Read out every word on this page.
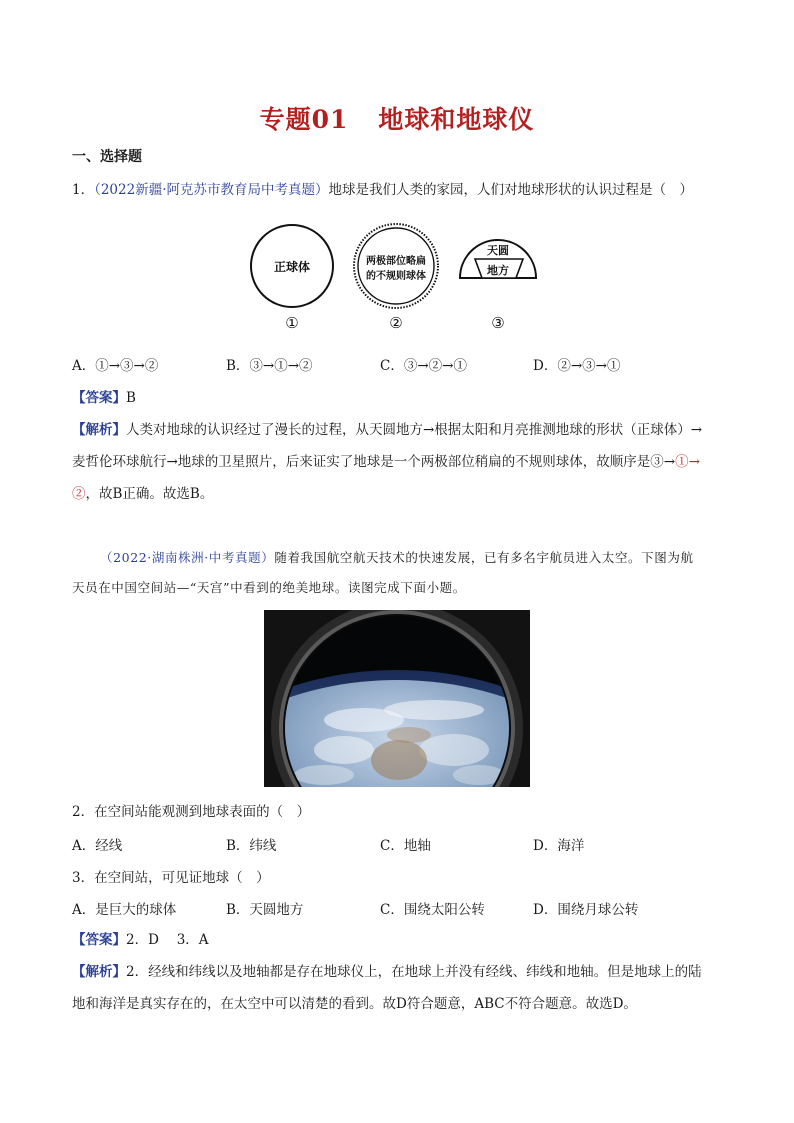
专题01 地球和地球仪
一、选择题
1．（2022新疆·阿克苏市教育局中考真题）地球是我们人类的家园，人们对地球形状的认识过程是（　）
正球体	两极部位略扁
的不规则球体
天圆
地方
①	②	③
A．①→③→②	B．③→①→②	C．③→②→①	D．②→③→①
【答案】B
【解析】人类对地球的认识经过了漫长的过程，从天圆地方→根据太阳和月亮推测地球的形状（正球体）→
麦哲伦环球航行→地球的卫星照片，后来证实了地球是一个两极部位稍扁的不规则球体，故顺序是③→①→
②，故B正确。故选B。
（2022·湖南株洲·中考真题）随着我国航空航天技术的快速发展，已有多名宇航员进入太空。下图为航
天员在中国空间站—“天宫”中看到的绝美地球。读图完成下面小题。
2．在空间站能观测到地球表面的（　）
A．经线	B．纬线	C．地轴	D．海洋
3．在空间站，可见证地球（　）
A．是巨大的球体	B．天圆地方	C．围绕太阳公转	D．围绕月球公转
【答案】2．D　 3．A
【解析】2．经线和纬线以及地轴都是存在地球仪上，在地球上并没有经线、纬线和地轴。但是地球上的陆
地和海洋是真实存在的，在太空中可以清楚的看到。故D符合题意，ABC不符合题意。故选D。
